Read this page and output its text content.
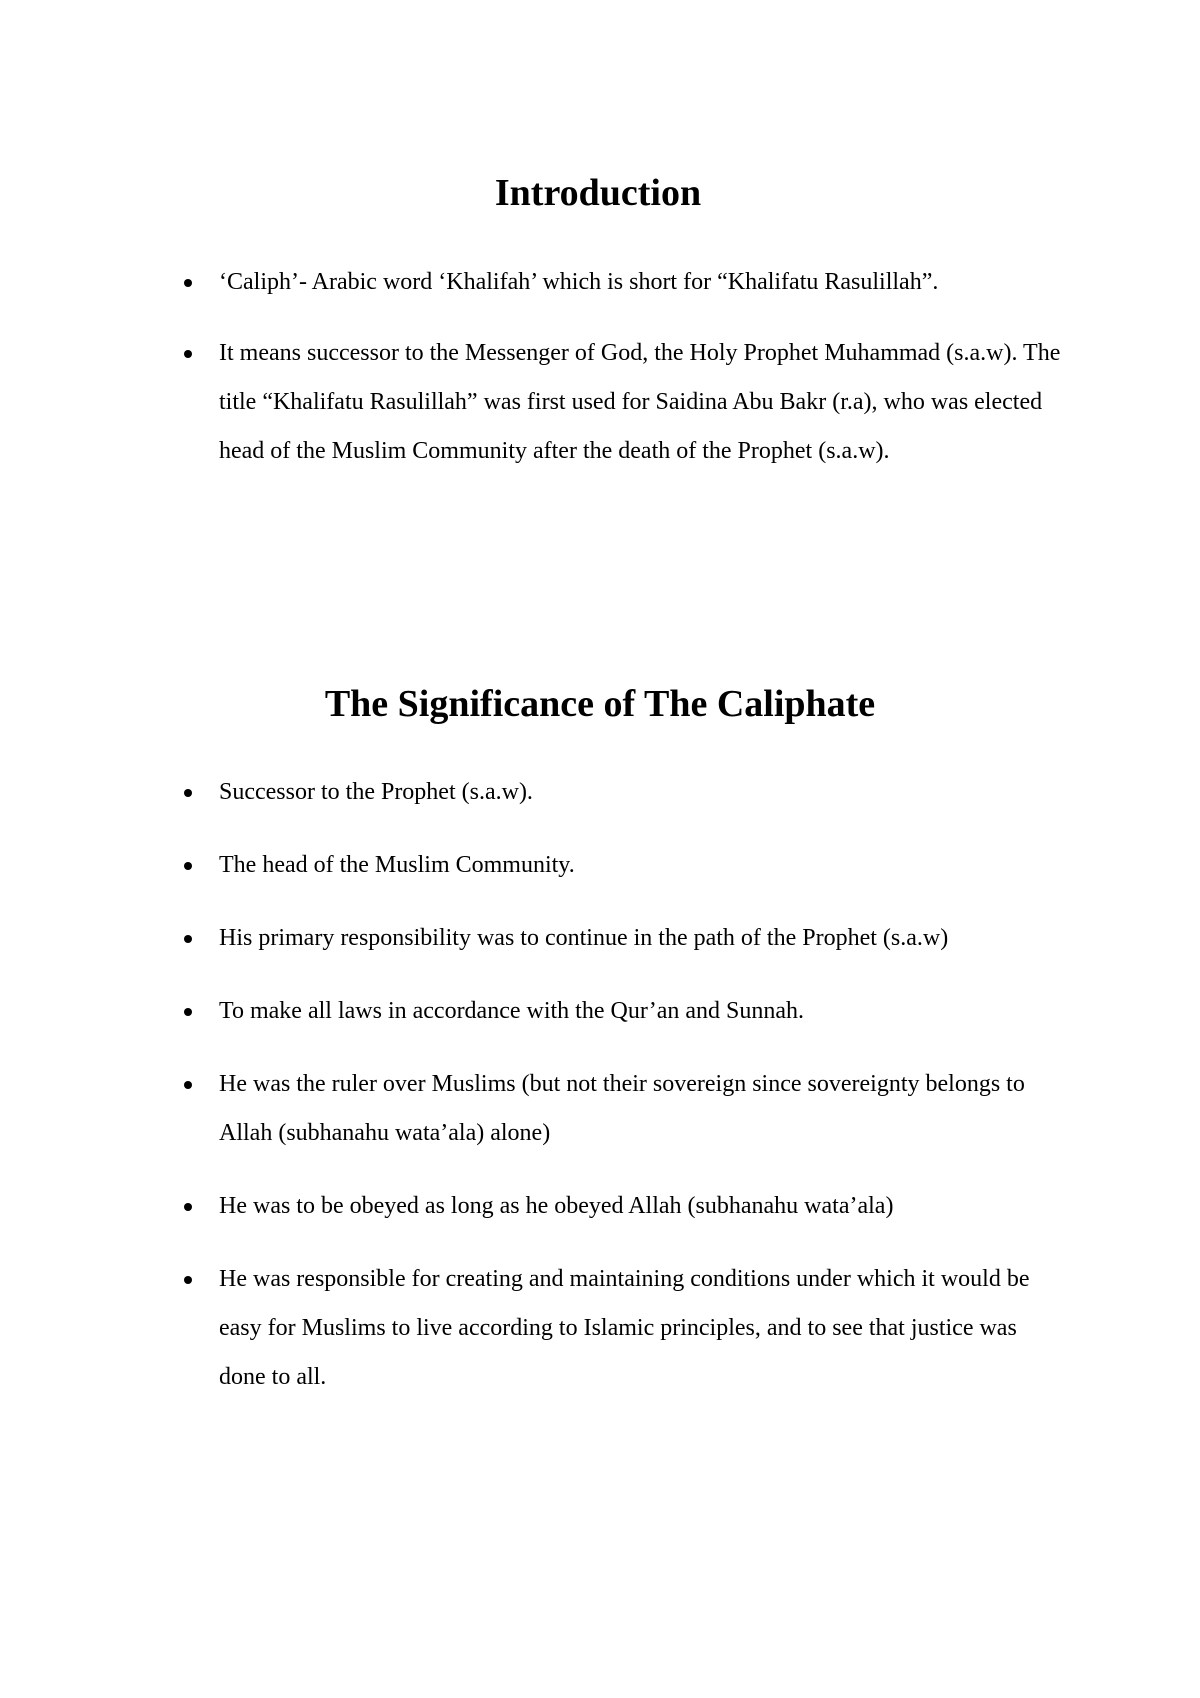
Introduction
‘Caliph’- Arabic word ‘Khalifah’ which is short for “Khalifatu Rasulillah”.
It means successor to the Messenger of God, the Holy Prophet Muhammad (s.a.w). The title “Khalifatu Rasulillah” was first used for Saidina Abu Bakr (r.a), who was elected head of the Muslim Community after the death of the Prophet (s.a.w).
The Significance of The Caliphate
Successor to the Prophet (s.a.w).
The head of the Muslim Community.
His primary responsibility was to continue in the path of the Prophet (s.a.w)
To make all laws in accordance with the Qur’an and Sunnah.
He was the ruler over Muslims (but not their sovereign since sovereignty belongs to Allah (subhanahu wata’ala) alone)
He was to be obeyed as long as he obeyed Allah (subhanahu wata’ala)
He was responsible for creating and maintaining conditions under which it would be easy for Muslims to live according to Islamic principles, and to see that justice was done to all.
